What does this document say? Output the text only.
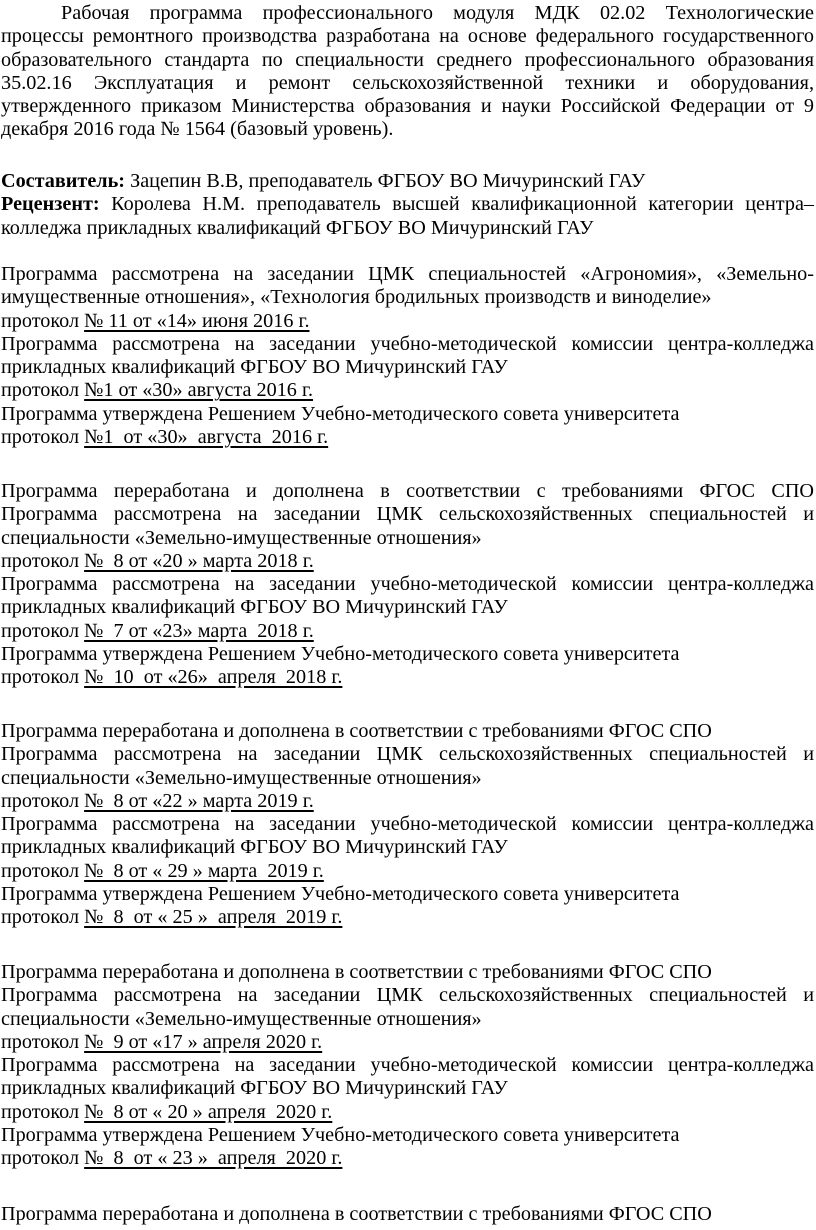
Рабочая программа профессионального модуля МДК 02.02 Технологические
процессы ремонтного производства разработана на основе федерального государственного
образовательного стандарта по специальности среднего профессионального образования
35.02.16 Эксплуатация и ремонт сельскохозяйственной техники и оборудования,
утвержденного приказом Министерства образования и науки Российской Федерации от 9
декабря 2016 года № 1564 (базовый уровень).
Составитель: Зацепин В.В, преподаватель ФГБОУ ВО Мичуринский ГАУ
Рецензент: Королева Н.М. преподаватель высшей квалификационной категории центра–
колледжа прикладных квалификаций ФГБОУ ВО Мичуринский ГАУ
Программа рассмотрена на заседании ЦМК специальностей «Агрономия», «Земельно-
имущественные отношения», «Технология бродильных производств и виноделие»
протокол № 11 от «14» июня 2016 г.
Программа рассмотрена на заседании учебно-методической комиссии центра-колледжа
прикладных квалификаций ФГБОУ ВО Мичуринский ГАУ
протокол №1 от «30» августа 2016 г.
Программа утверждена Решением Учебно-методического совета университета
протокол №1  от «30»  августа  2016 г.
Программа переработана и дополнена в соответствии с требованиями ФГОС СПО
Программа рассмотрена на заседании ЦМК сельскохозяйственных специальностей и
специальности «Земельно-имущественные отношения»
протокол №  8 от «20 » марта 2018 г.
Программа рассмотрена на заседании учебно-методической комиссии центра-колледжа
прикладных квалификаций ФГБОУ ВО Мичуринский ГАУ
протокол №  7 от «23» марта  2018 г.
Программа утверждена Решением Учебно-методического совета университета
протокол №  10  от «26»  апреля  2018 г.
Программа переработана и дополнена в соответствии с требованиями ФГОС СПО
Программа рассмотрена на заседании ЦМК сельскохозяйственных специальностей и
специальности «Земельно-имущественные отношения»
протокол №  8 от «22 » марта 2019 г.
Программа рассмотрена на заседании учебно-методической комиссии центра-колледжа
прикладных квалификаций ФГБОУ ВО Мичуринский ГАУ
протокол №  8 от « 29 » марта  2019 г.
Программа утверждена Решением Учебно-методического совета университета
протокол №  8  от « 25 »  апреля  2019 г.
Программа переработана и дополнена в соответствии с требованиями ФГОС СПО
Программа рассмотрена на заседании ЦМК сельскохозяйственных специальностей и
специальности «Земельно-имущественные отношения»
протокол №  9 от «17 » апреля 2020 г.
Программа рассмотрена на заседании учебно-методической комиссии центра-колледжа
прикладных квалификаций ФГБОУ ВО Мичуринский ГАУ
протокол №  8 от « 20 » апреля  2020 г.
Программа утверждена Решением Учебно-методического совета университета
протокол №  8  от « 23 »  апреля  2020 г.
Программа переработана и дополнена в соответствии с требованиями ФГОС СПО
